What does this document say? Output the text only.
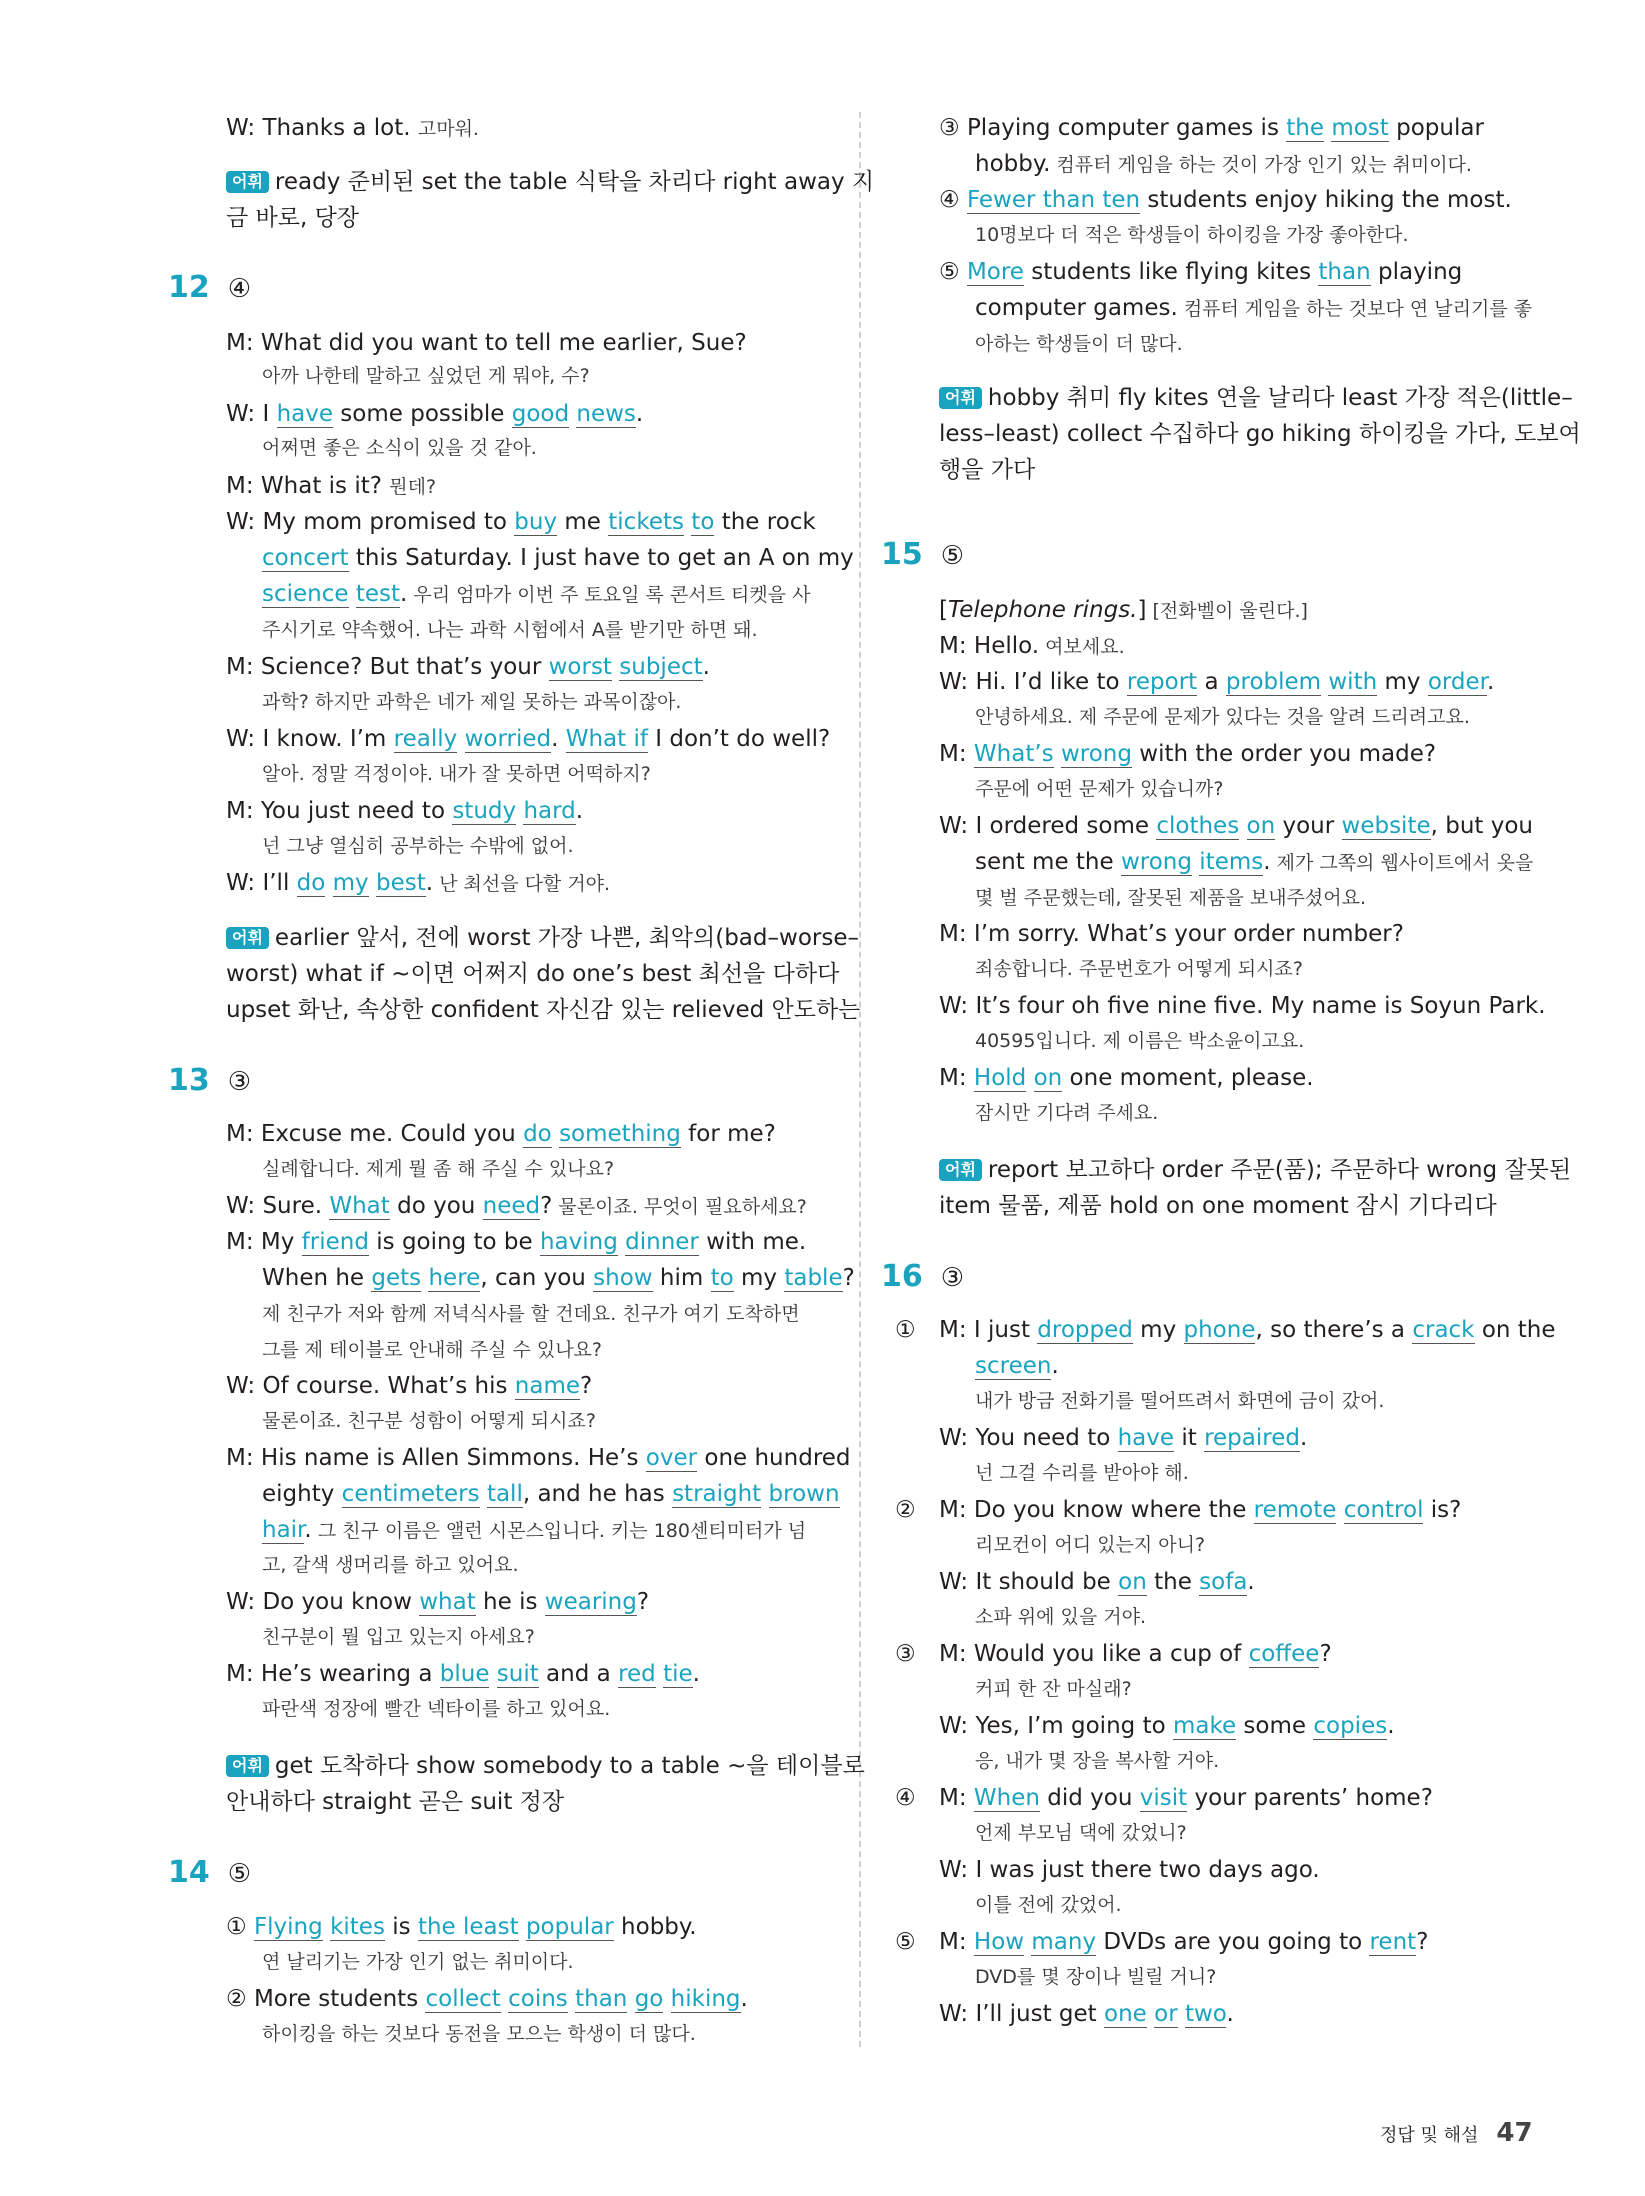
W: Thanks a lot. 고마워.
어휘 ready 준비된 set the table 식탁을 차리다 right away 지
금 바로, 당장
12 ④
M: What did you want to tell me earlier, Sue?
아까 나한테 말하고 싶었던 게 뭐야, 수?
W: I have some possible good news.
어쩌면 좋은 소식이 있을 것 같아.
M: What is it? 뭔데?
W: My mom promised to buy me tickets to the rock
concert this Saturday. I just have to get an A on my
science test. 우리 엄마가 이번 주 토요일 록 콘서트 티켓을 사
주시기로 약속했어. 나는 과학 시험에서 A를 받기만 하면 돼.
M: Science? But that’s your worst subject.
과학? 하지만 과학은 네가 제일 못하는 과목이잖아.
W: I know. I’m really worried. What if I don’t do well?
알아. 정말 걱정이야. 내가 잘 못하면 어떡하지?
M: You just need to study hard.
넌 그냥 열심히 공부하는 수밖에 없어.
W: I’ll do my best. 난 최선을 다할 거야.
어휘 earlier 앞서, 전에 worst 가장 나쁜, 최악의(bad–worse–
worst) what if ~이면 어쩌지 do one’s best 최선을 다하다
upset 화난, 속상한 confident 자신감 있는 relieved 안도하는
13 ③
M: Excuse me. Could you do something for me?
실례합니다. 제게 뭘 좀 해 주실 수 있나요?
W: Sure. What do you need? 물론이죠. 무엇이 필요하세요?
M: My friend is going to be having dinner with me.
When he gets here, can you show him to my table?
제 친구가 저와 함께 저녁식사를 할 건데요. 친구가 여기 도착하면
그를 제 테이블로 안내해 주실 수 있나요?
W: Of course. What’s his name?
물론이죠. 친구분 성함이 어떻게 되시죠?
M: His name is Allen Simmons. He’s over one hundred
eighty centimeters tall, and he has straight brown
hair. 그 친구 이름은 앨런 시몬스입니다. 키는 180센티미터가 넘
고, 갈색 생머리를 하고 있어요.
W: Do you know what he is wearing?
친구분이 뭘 입고 있는지 아세요?
M: He’s wearing a blue suit and a red tie.
파란색 정장에 빨간 넥타이를 하고 있어요.
어휘 get 도착하다 show somebody to a table ~을 테이블로
안내하다 straight 곧은 suit 정장
14 ⑤
① Flying kites is the least popular hobby.
연 날리기는 가장 인기 없는 취미이다.
② More students collect coins than go hiking.
하이킹을 하는 것보다 동전을 모으는 학생이 더 많다.
③ Playing computer games is the most popular
hobby. 컴퓨터 게임을 하는 것이 가장 인기 있는 취미이다.
④ Fewer than ten students enjoy hiking the most.
10명보다 더 적은 학생들이 하이킹을 가장 좋아한다.
⑤ More students like flying kites than playing
computer games. 컴퓨터 게임을 하는 것보다 연 날리기를 좋
아하는 학생들이 더 많다.
어휘 hobby 취미 fly kites 연을 날리다 least 가장 적은(little–
less–least) collect 수집하다 go hiking 하이킹을 가다, 도보여
행을 가다
15 ⑤
[Telephone rings.] [전화벨이 울린다.]
M: Hello. 여보세요.
W: Hi. I’d like to report a problem with my order.
안녕하세요. 제 주문에 문제가 있다는 것을 알려 드리려고요.
M: What’s wrong with the order you made?
주문에 어떤 문제가 있습니까?
W: I ordered some clothes on your website, but you
sent me the wrong items. 제가 그쪽의 웹사이트에서 옷을
몇 벌 주문했는데, 잘못된 제품을 보내주셨어요.
M: I’m sorry. What’s your order number?
죄송합니다. 주문번호가 어떻게 되시죠?
W: It’s four oh five nine five. My name is Soyun Park.
40595입니다. 제 이름은 박소윤이고요.
M: Hold on one moment, please.
잠시만 기다려 주세요.
어휘 report 보고하다 order 주문(품); 주문하다 wrong 잘못된
item 물품, 제품 hold on one moment 잠시 기다리다
16 ③
① M: I just dropped my phone, so there’s a crack on the
screen.
내가 방금 전화기를 떨어뜨려서 화면에 금이 갔어.
W: You need to have it repaired.
넌 그걸 수리를 받아야 해.
② M: Do you know where the remote control is?
리모컨이 어디 있는지 아니?
W: It should be on the sofa.
소파 위에 있을 거야.
③ M: Would you like a cup of coffee?
커피 한 잔 마실래?
W: Yes, I’m going to make some copies.
응, 내가 몇 장을 복사할 거야.
④ M: When did you visit your parents’ home?
언제 부모님 댁에 갔었니?
W: I was just there two days ago.
이틀 전에 갔었어.
⑤ M: How many DVDs are you going to rent?
DVD를 몇 장이나 빌릴 거니?
W: I’ll just get one or two.
정답 및 해설 47
